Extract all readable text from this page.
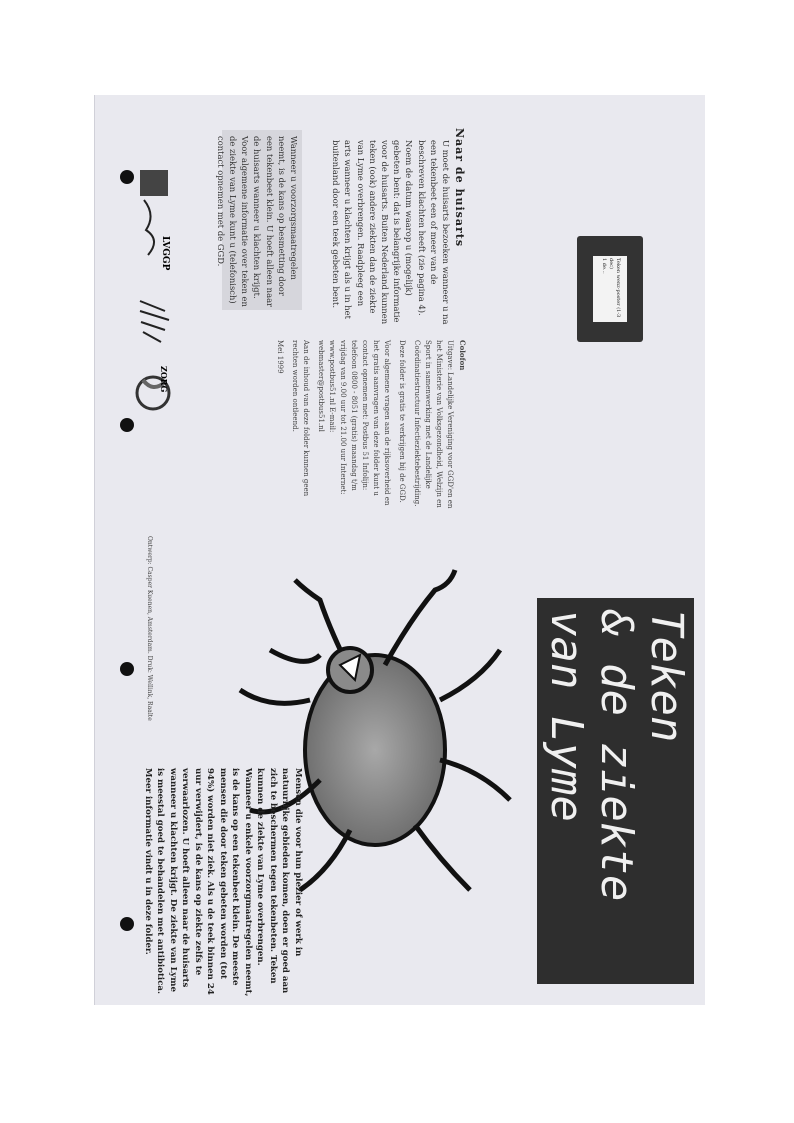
Teken
& de ziekte
van Lyme
Teken wenz-poster (1-3 dec)
1 de...
Naar de huisarts
U moet de huisarts bezoeken wanneer u na een tekenbeet een of meer van de beschreven klachten heeft (zie pagina 4). Noem de datum waarop u (mogelijk) gebeten bent: dat is belangrijke informatie voor de huisarts. Buiten Nederland kunnen teken (ook) andere ziekten dan de ziekte van Lyme overbrengen. Raadpleeg een arts wanneer u klachten krijgt als u in het buitenland door een teek gebeten bent.
Wanneer u voorzorgsmaatregelen neemt, is de kans op besmetting door een tekenbeet klein. U hoeft alleen naar de huisarts wanneer u klachten krijgt. Voor algemene informatie over teken en de ziekte van Lyme kunt u (telefonisch) contact opnemen met de GGD.
Colofon
Uitgave: Landelijke Vereniging voor GGD'en en het Ministerie van Volksgezondheid, Welzijn en Sport in samenwerking met de Landelijke Coördinatiestructuur Infectieziektebestrijding.
Deze folder is gratis te verkrijgen bij de GGD.
Voor algemene vragen aan de rijksoverheid en het gratis aanvragen van deze folder kunt u contact opnemen met: Postbus 51 Infolijn: telefoon 0800 - 8051 (gratis) maandag t/m vrijdag van 9.00 uur tot 21.00 uur Internet: www.postbus51.nl E-mail: webmaster@postbus51.nl
Aan de inhoud van deze folder kunnen geen rechten worden ontleend.
Mei 1999
Ontwerp: Casper Kuenen, Amsterdam. Druk: Wellink, Raalte
LVGGP
ZORG
Mensen die voor hun plezier of werk in natuurlijke gebieden komen, doen er goed aan zich te beschermen tegen tekenbeten. Teken kunnen de ziekte van Lyme overbrengen. Wanneer u enkele voorzorgmaatregelen neemt, is de kans op een tekenbeet klein. De meeste mensen die door teken gebeten worden (tot 94%) worden niet ziek. Als u de teek binnen 24 uur verwijdert, is de kans op ziekte zelfs te verwaarlozen. U hoeft alleen naar de huisarts wanneer u klachten krijgt. De ziekte van Lyme is meestal goed te behandelen met antibiotica. Meer informatie vindt u in deze folder.
